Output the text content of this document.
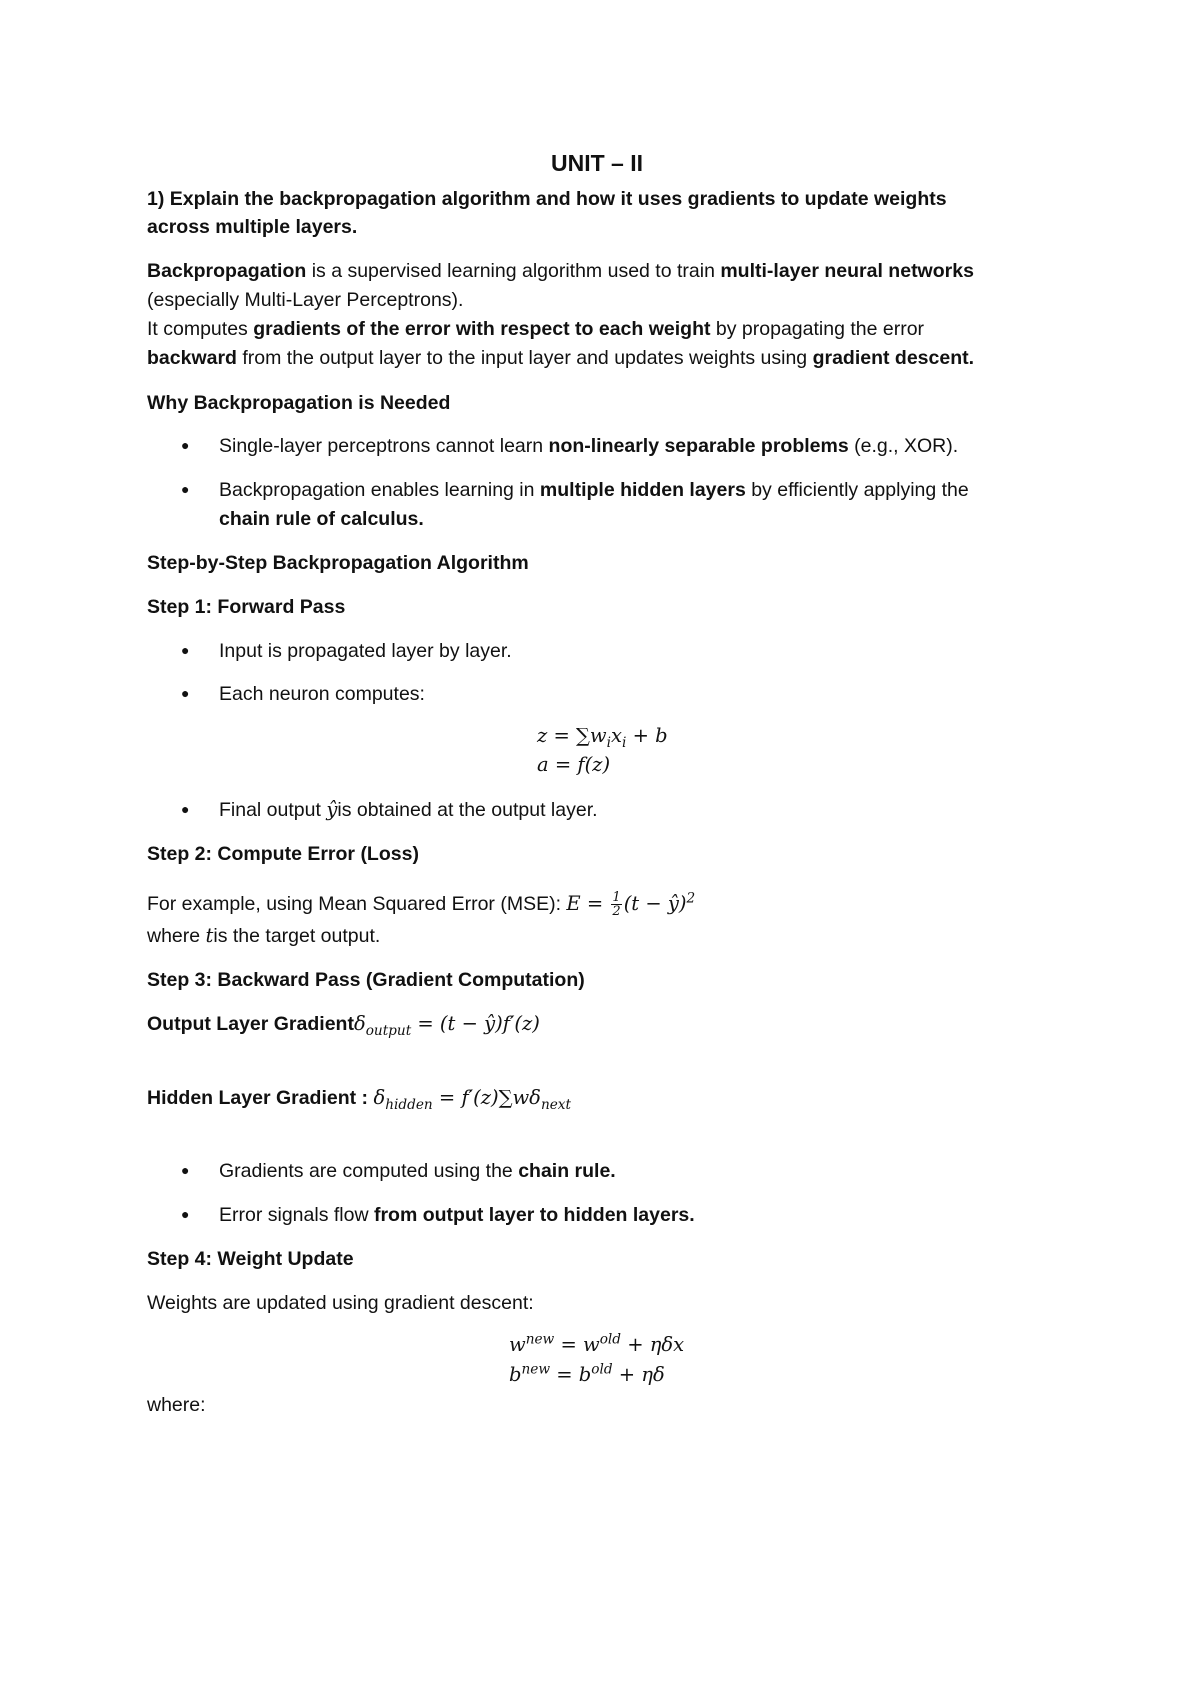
UNIT – II
1) Explain the backpropagation algorithm and how it uses gradients to update weights
across multiple layers.
Backpropagation is a supervised learning algorithm used to train multi-layer neural networks
(especially Multi-Layer Perceptrons).
It computes gradients of the error with respect to each weight by propagating the error
backward from the output layer to the input layer and updates weights using gradient descent.
Why Backpropagation is Needed
● Single-layer perceptrons cannot learn non-linearly separable problems (e.g., XOR).
● Backpropagation enables learning in multiple hidden layers by efficiently applying the
chain rule of calculus.
Step-by-Step Backpropagation Algorithm
Step 1: Forward Pass
● Input is propagated layer by layer.
● Each neuron computes:
$z = \sum w_ix_i + b$
a = f(z)
● Final output ŷis obtained at the output layer.
Step 2: Compute Error (Loss)
For example, using Mean Squared Error (MSE): $E = \frac{1}{2} (t$ − ŷ)$^2$
where tis the target output.
Step 3: Backward Pass (Gradient Computation)
Output Layer Gradientδ$_{output}$ = (t − ŷ)f′(z)
Hidden Layer Gradient : $\delta_{hidden} = f'(z)\sum w\delta_{next}$
● Gradients are computed using the chain rule.
● Error signals flow from output layer to hidden layers.
Step 4: Weight Update
Weights are updated using gradient descent:
$w^{new} = w^{old} + \eta\delta x$
$b^{new} = b^{old} + \eta\delta$
where:
